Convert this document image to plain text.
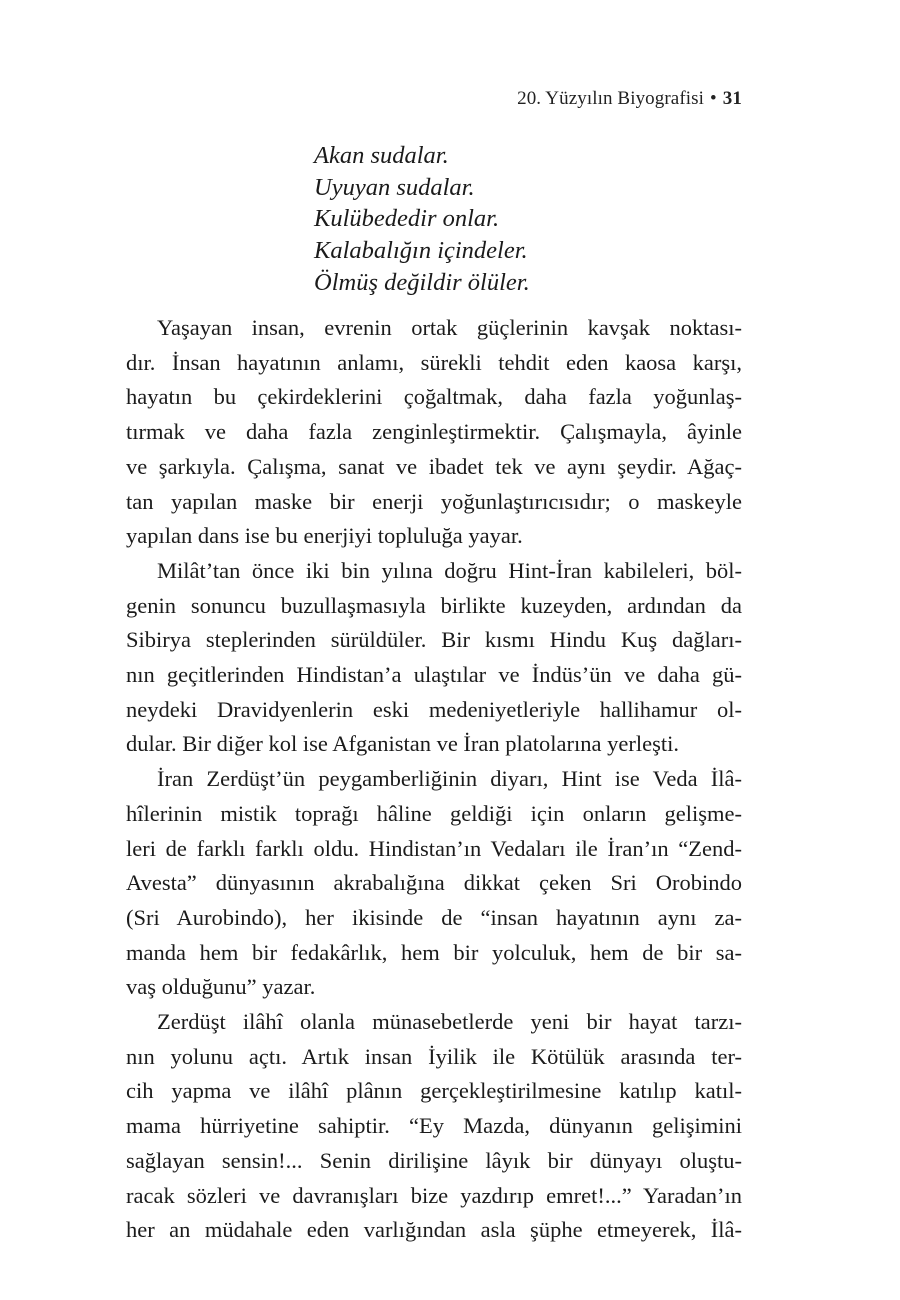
20. Yüzyılın Biyografisi • 31
Akan sudalar.
Uyuyan sudalar.
Kulübededir onlar.
Kalabalığın içindeler.
Ölmüş değildir ölüler.

Yaşayan insan, evrenin ortak güçlerinin kavşak noktası-
dır. İnsan hayatının anlamı, sürekli tehdit eden kaosa karşı,
hayatın bu çekirdeklerini çoğaltmak, daha fazla yoğunlaş-
tırmak ve daha fazla zenginleştirmektir. Çalışmayla, âyinle
ve şarkıyla. Çalışma, sanat ve ibadet tek ve aynı şeydir. Ağaç-
tan yapılan maske bir enerji yoğunlaştırıcısıdır; o maskeyle
yapılan dans ise bu enerjiyi topluluğa yayar.

Milât’tan önce iki bin yılına doğru Hint-İran kabileleri, böl-
genin sonuncu buzullaşmasıyla birlikte kuzeyden, ardından da
Sibirya steplerinden sürüldüler. Bir kısmı Hindu Kuş dağları-
nın geçitlerinden Hindistan’a ulaştılar ve İndüs’ün ve daha gü-
neydeki Dravidyenlerin eski medeniyetleriyle hallihamur ol-
dular. Bir diğer kol ise Afganistan ve İran platolarına yerleşti.

İran Zerdüşt’ün peygamberliğinin diyarı, Hint ise Veda İlâ-
hîlerinin mistik toprağı hâline geldiği için onların gelişme-
leri de farklı farklı oldu. Hindistan’ın Vedaları ile İran’ın “Zend-
Avesta” dünyasının akrabalığına dikkat çeken Sri Orobindo
(Sri Aurobindo), her ikisinde de “insan hayatının aynı za-
manda hem bir fedakârlık, hem bir yolculuk, hem de bir sa-
vaş olduğunu” yazar.

Zerdüşt ilâhî olanla münasebetlerde yeni bir hayat tarzı-
nın yolunu açtı. Artık insan İyilik ile Kötülük arasında ter-
cih yapma ve ilâhî plânın gerçekleştirilmesine katılıp katıl-
mama hürriyetine sahiptir. “Ey Mazda, dünyanın gelişimini
sağlayan sensin!... Senin dirilişine lâyık bir dünyayı oluştu-
racak sözleri ve davranışları bize yazdırıp emret!...” Yaradan’ın
her an müdahale eden varlığından asla şüphe etmeyerek, İlâ-
